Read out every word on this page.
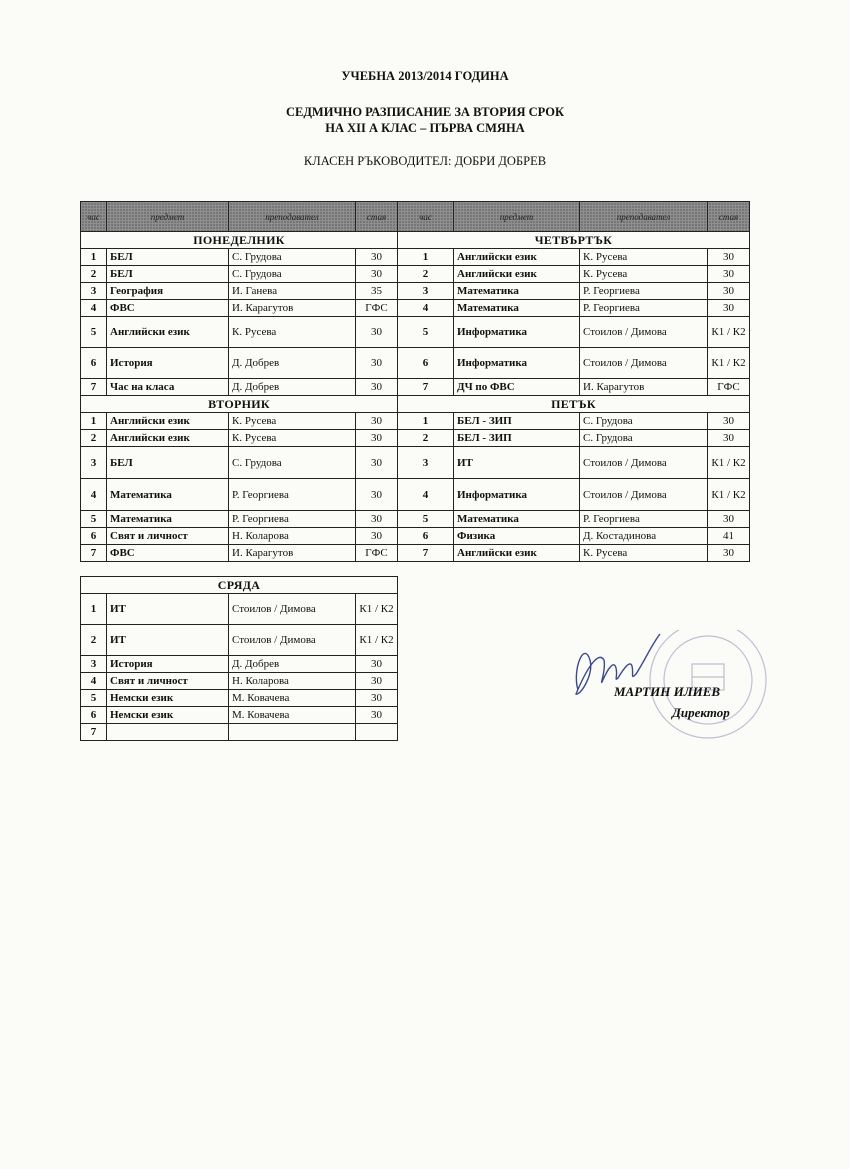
УЧЕБНА 2013/2014 ГОДИНА
СЕДМИЧНО РАЗПИСАНИЕ ЗА ВТОРИЯ СРОК
НА XII А КЛАС – ПЪРВА СМЯНА
КЛАСЕН РЪКОВОДИТЕЛ: ДОБРИ ДОБРЕВ
час	предмет	преподавател	стая	час	предмет	преподавател	стая
ПОНЕДЕЛНИК				ЧЕТВЪРТЪК			
1	БЕЛ	С. Грудова	30	1	Английски език	К. Русева	30
2	БЕЛ	С. Грудова	30	2	Английски език	К. Русева	30
3	География	И. Ганева	35	3	Математика	Р. Георгиева	30
4	ФВС	И. Карагутов	ГФС	4	Математика	Р. Георгиева	30
5	Английски език	К. Русева	30	5	Информатика	Стоилов / Димова	К1 / К2
6	История	Д. Добрев	30	6	Информатика	Стоилов / Димова	К1 / К2
7	Час на класа	Д. Добрев	30	7	ДЧ по ФВС	И. Карагутов	ГФС
ВТОРНИК				ПЕТЪК			
1	Английски език	К. Русева	30	1	БЕЛ - ЗИП	С. Грудова	30
2	Английски език	К. Русева	30	2	БЕЛ - ЗИП	С. Грудова	30
3	БЕЛ	С. Грудова	30	3	ИТ	Стоилов / Димова	К1 / К2
4	Математика	Р. Георгиева	30	4	Информатика	Стоилов / Димова	К1 / К2
5	Математика	Р. Георгиева	30	5	Математика	Р. Георгиева	30
6	Свят и личност	Н. Коларова	30	6	Физика	Д. Костадинова	41
7	ФВС	И. Карагутов	ГФС	7	Английски език	К. Русева	30
СРЯДА			
1	ИТ	Стоилов / Димова	К1 / К2
2	ИТ	Стоилов / Димова	К1 / К2
3	История	Д. Добрев	30
4	Свят и личност	Н. Коларова	30
5	Немски език	М. Ковачева	30
6	Немски език	М. Ковачева	30
7			
МАРТИН ИЛИЕВ
Директор
